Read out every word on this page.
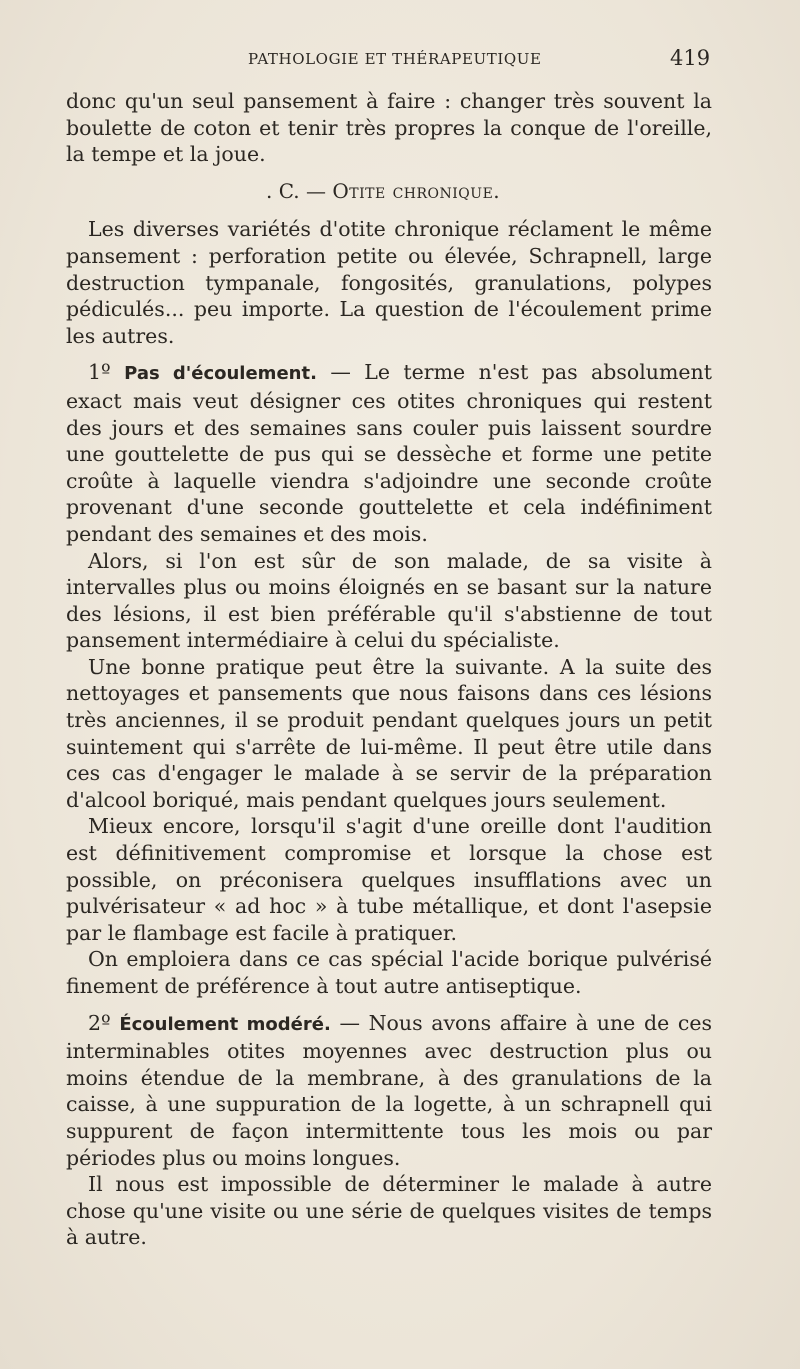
PATHOLOGIE ET THÉRAPEUTIQUE	419

donc qu'un seul pansement à faire : changer très souvent la boulette de coton et tenir très propres la conque de l'oreille, la tempe et la joue.

. C. — Otite chronique.

Les diverses variétés d'otite chronique réclament le même pansement : perforation petite ou élevée, Schrapnell, large destruction tympanale, fongosités, granulations, polypes pédiculés... peu importe. La question de l'écoulement prime les autres.

1º Pas d'écoulement. — Le terme n'est pas absolument exact mais veut désigner ces otites chroniques qui restent des jours et des semaines sans couler puis laissent sourdre une gouttelette de pus qui se dessèche et forme une petite croûte à laquelle viendra s'adjoindre une seconde croûte provenant d'une seconde gouttelette et cela indéfiniment pendant des semaines et des mois.

Alors, si l'on est sûr de son malade, de sa visite à intervalles plus ou moins éloignés en se basant sur la nature des lésions, il est bien préférable qu'il s'abstienne de tout pansement intermédiaire à celui du spécialiste.

Une bonne pratique peut être la suivante. A la suite des nettoyages et pansements que nous faisons dans ces lésions très anciennes, il se produit pendant quelques jours un petit suintement qui s'arrête de lui-même. Il peut être utile dans ces cas d'engager le malade à se servir de la préparation d'alcool boriqué, mais pendant quelques jours seulement.

Mieux encore, lorsqu'il s'agit d'une oreille dont l'audition est définitivement compromise et lorsque la chose est possible, on préconisera quelques insufflations avec un pulvérisateur « ad hoc » à tube métallique, et dont l'asepsie par le flambage est facile à pratiquer.

On emploiera dans ce cas spécial l'acide borique pulvérisé finement de préférence à tout autre antiseptique.

2º Écoulement modéré. — Nous avons affaire à une de ces interminables otites moyennes avec destruction plus ou moins étendue de la membrane, à des granulations de la caisse, à une suppuration de la logette, à un schrapnell qui suppurent de façon intermittente tous les mois ou par périodes plus ou moins longues.

Il nous est impossible de déterminer le malade à autre chose qu'une visite ou une série de quelques visites de temps à autre.
